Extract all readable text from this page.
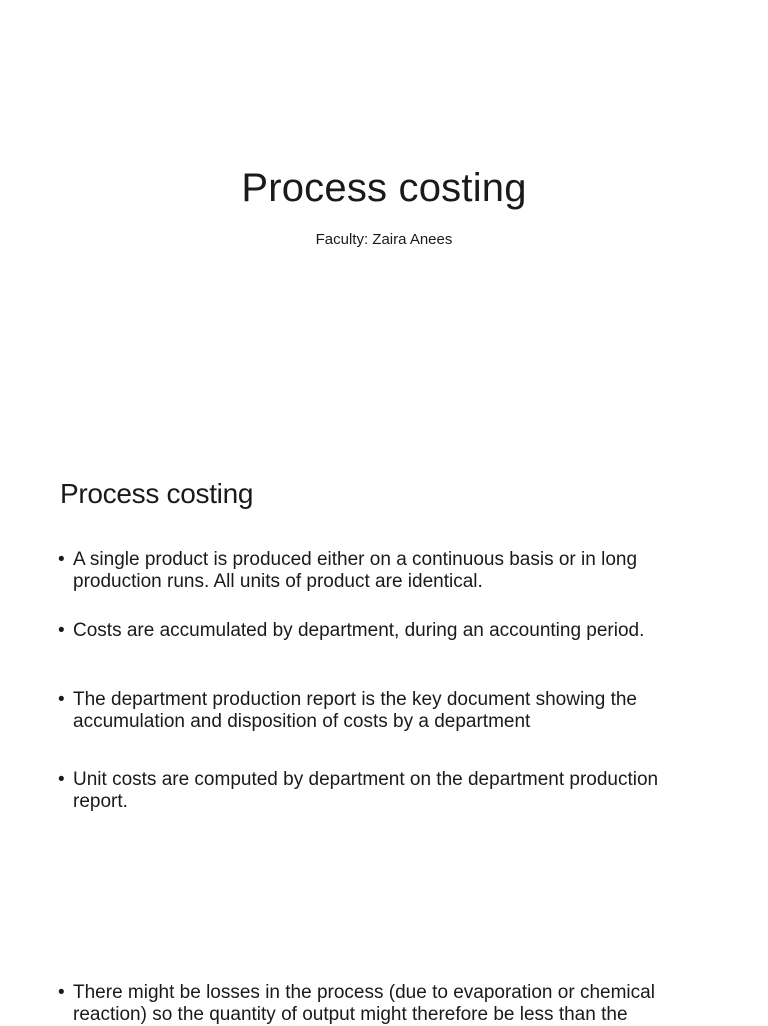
Process costing

Faculty: Zaira Anees

Process costing
• A single product is produced either on a continuous basis or in long production runs. All units of product are identical.
• Costs are accumulated by department, during an accounting period.
• The department production report is the key document showing the accumulation and disposition of costs by a department
• Unit costs are computed by department on the department production report.
• There might be losses in the process (due to evaporation or chemical reaction) so the quantity of output might therefore be less than the
